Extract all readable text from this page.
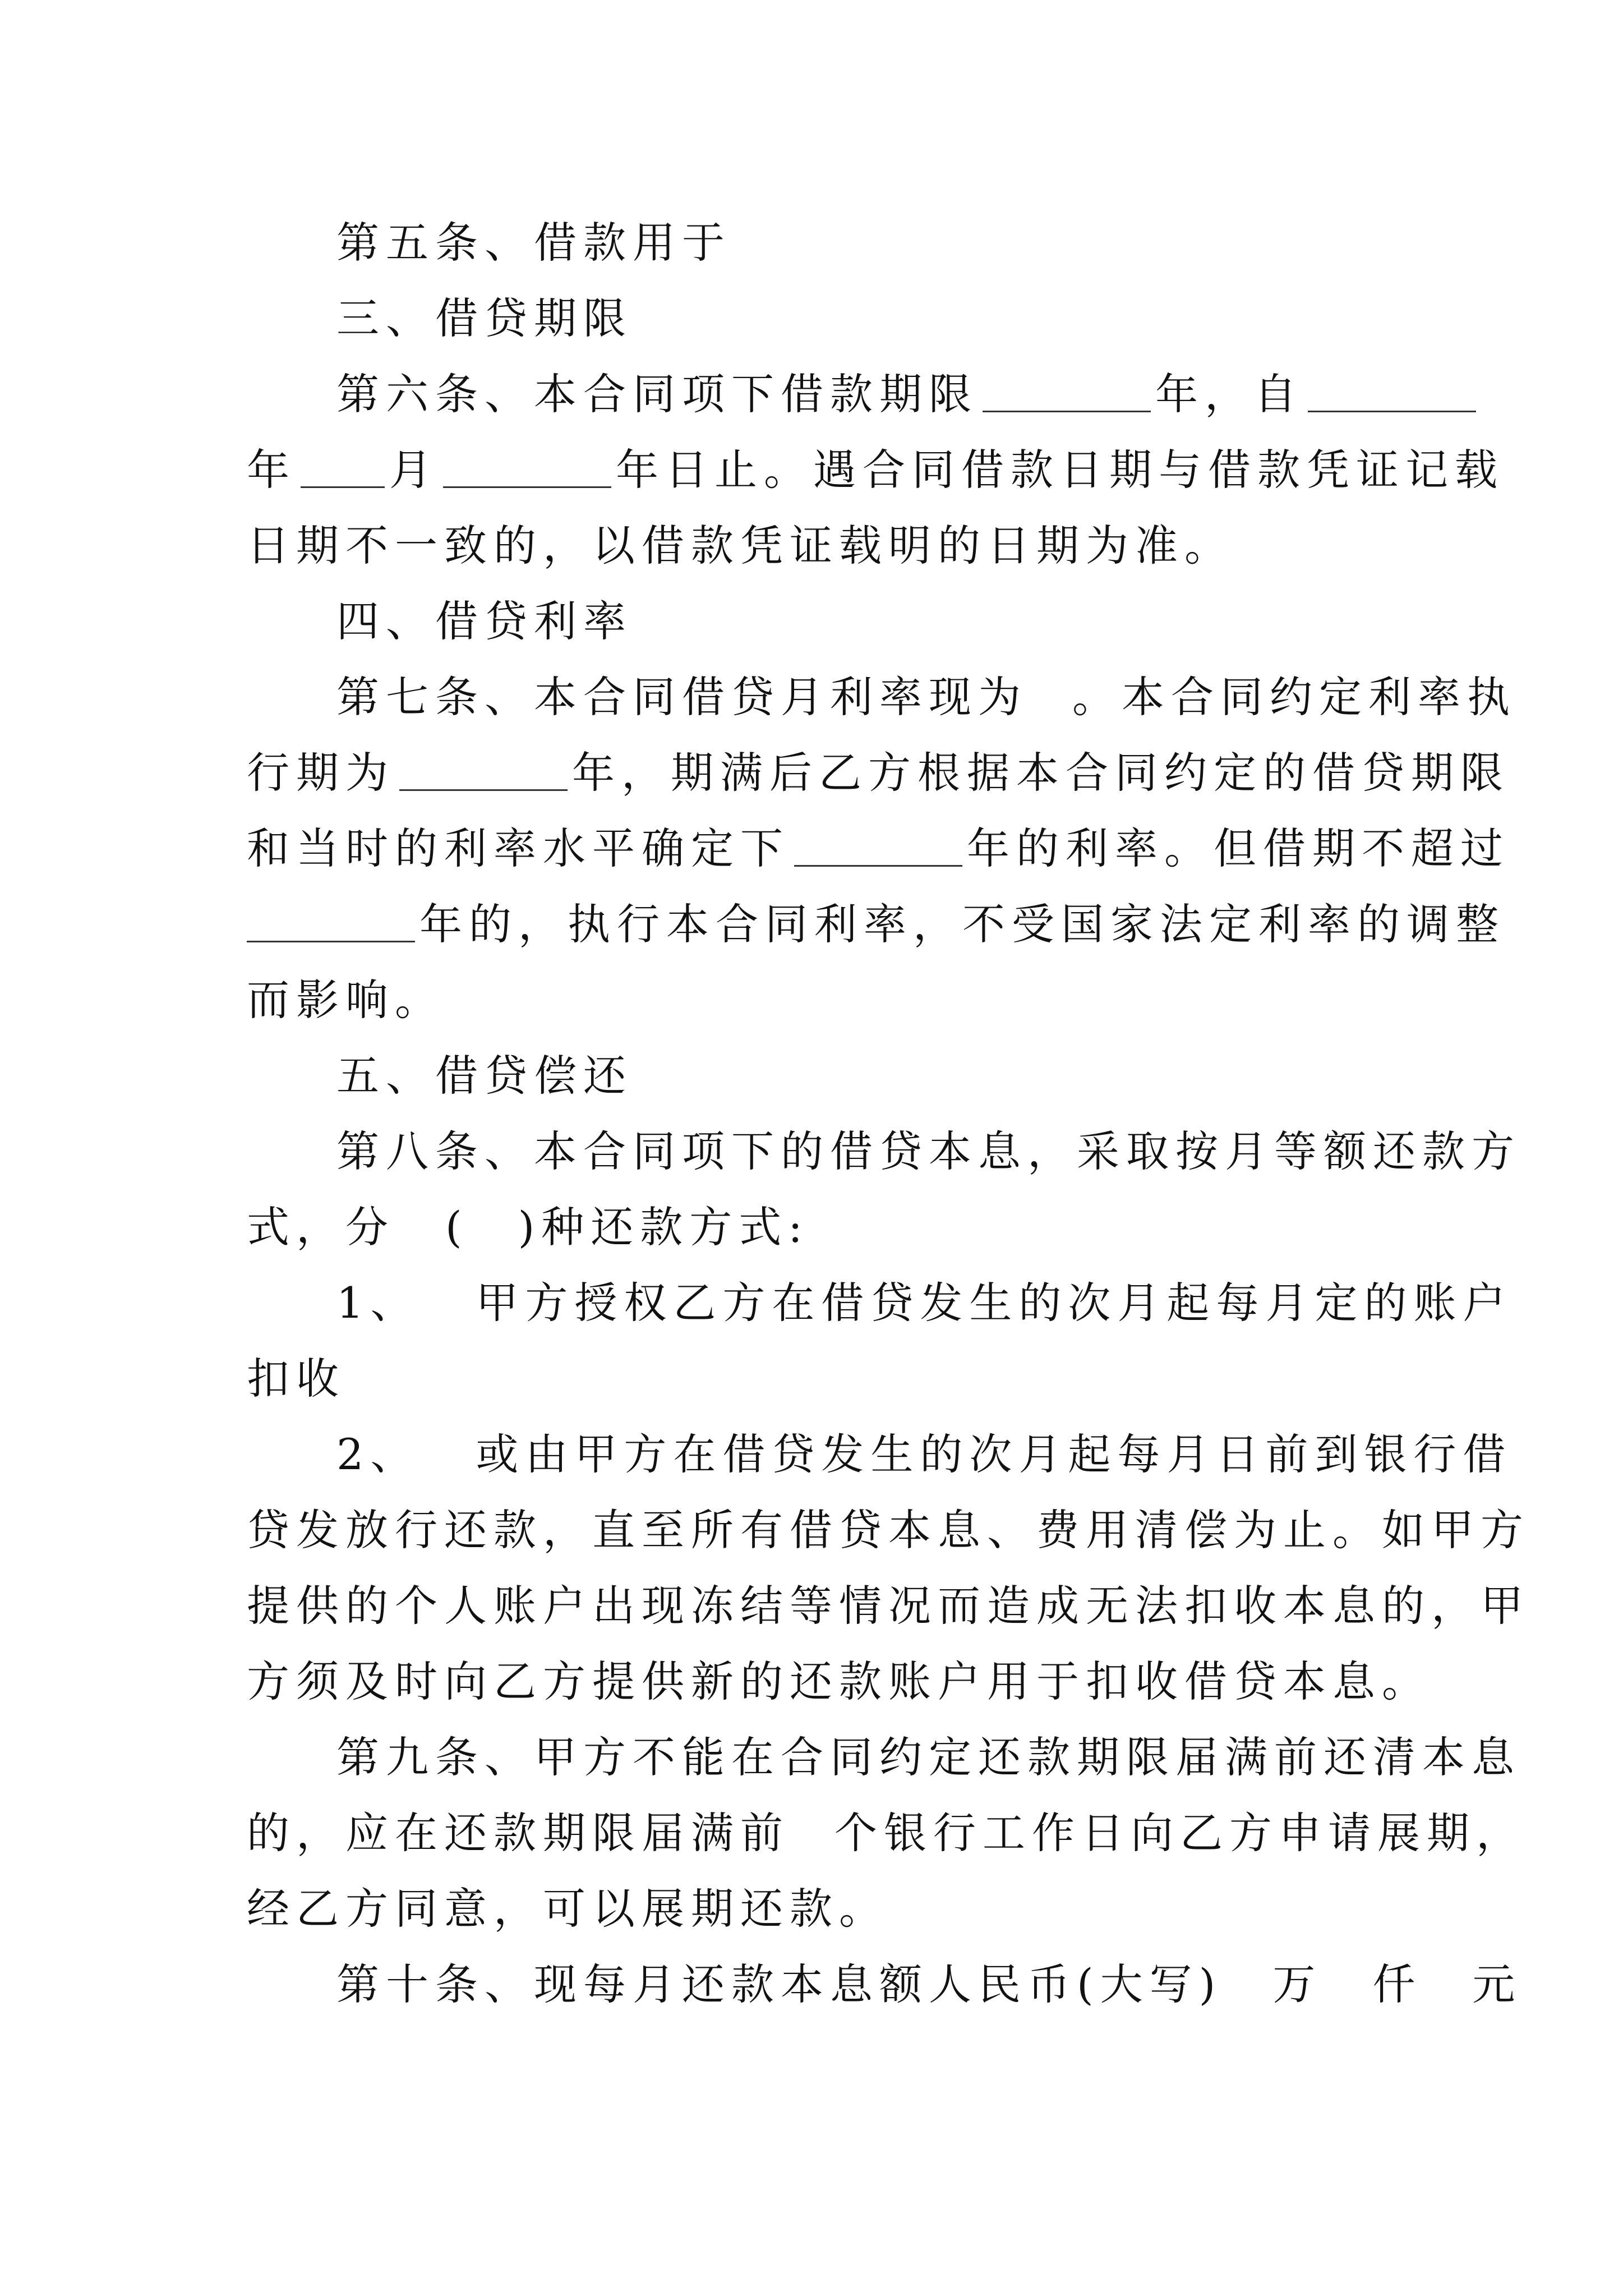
第五条、借款用于
三、借贷期限
第六条、本合同项下借款期限	年，自
年 月	年日止。遇合同借款日期与借款凭证记载
日期不一致的，以借款凭证载明的日期为准。
四、借贷利率
第七条、本合同借贷月利率现为 。本合同约定利率执
行期为	年，期满后乙方根据本合同约定的借贷期限
和当时的利率水平确定下	年的利率。但借期不超过
年的，执行本合同利率，不受国家法定利率的调整
而影响。
五、借贷偿还
第八条、本合同项下的借贷本息，采取按月等额还款方
式，分 (　)种还款方式:
1、 甲方授权乙方在借贷发生的次月起每月定的账户
扣收
2、 或由甲方在借贷发生的次月起每月日前到银行借
贷发放行还款，直至所有借贷本息、费用清偿为止。如甲方
提供的个人账户出现冻结等情况而造成无法扣收本息的，甲
方须及时向乙方提供新的还款账户用于扣收借贷本息。
第九条、甲方不能在合同约定还款期限届满前还清本息
的，应在还款期限届满前 个银行工作日向乙方申请展期，
经乙方同意，可以展期还款。
第十条、现每月还款本息额人民币(大写) 万 仟 元
